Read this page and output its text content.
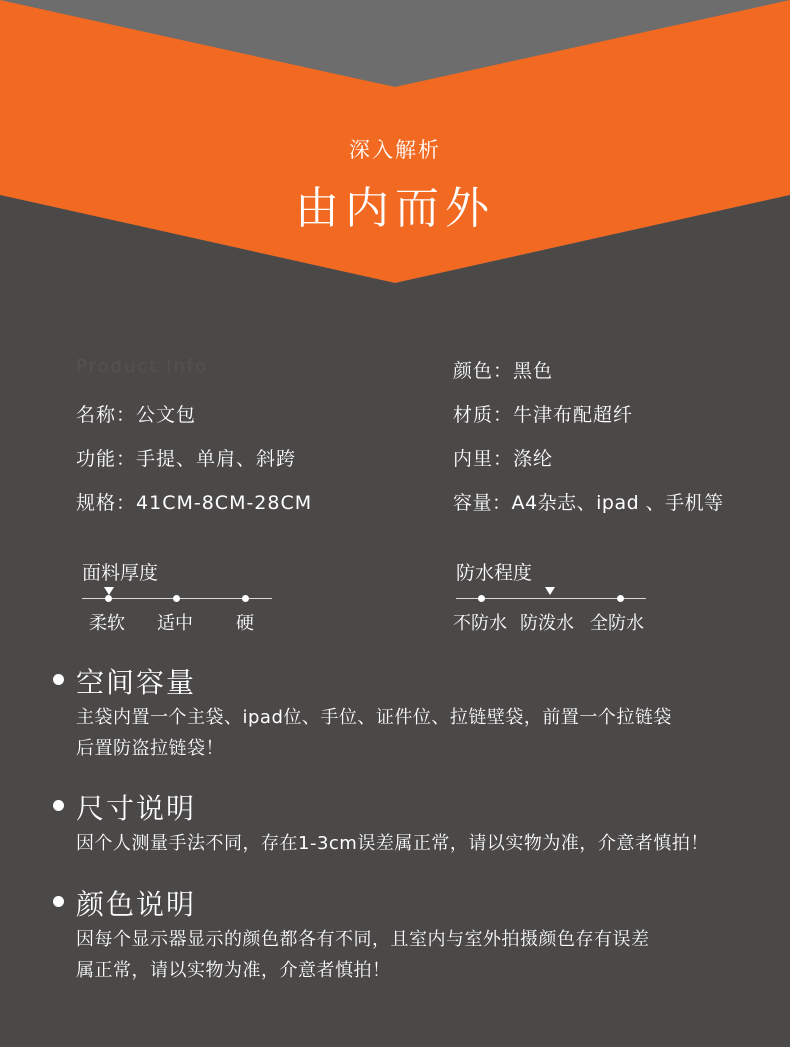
深入解析
由内而外
Product Info
名称：公文包
功能：手提、单肩、斜跨
规格：41CM-8CM-28CM
颜色：黑色
材质：牛津布配超纤
内里：涤纶
容量：A4杂志、ipad 、手机等
面料厚度
柔软 适中 硬
防水程度
不防水 防泼水 全防水
空间容量
主袋内置一个主袋、ipad位、手位、证件位、拉链壁袋，前置一个拉链袋
后置防盗拉链袋！
尺寸说明
因个人测量手法不同，存在1-3cm误差属正常，请以实物为准，介意者慎拍！
颜色说明
因每个显示器显示的颜色都各有不同，且室内与室外拍摄颜色存有误差
属正常，请以实物为准，介意者慎拍！
